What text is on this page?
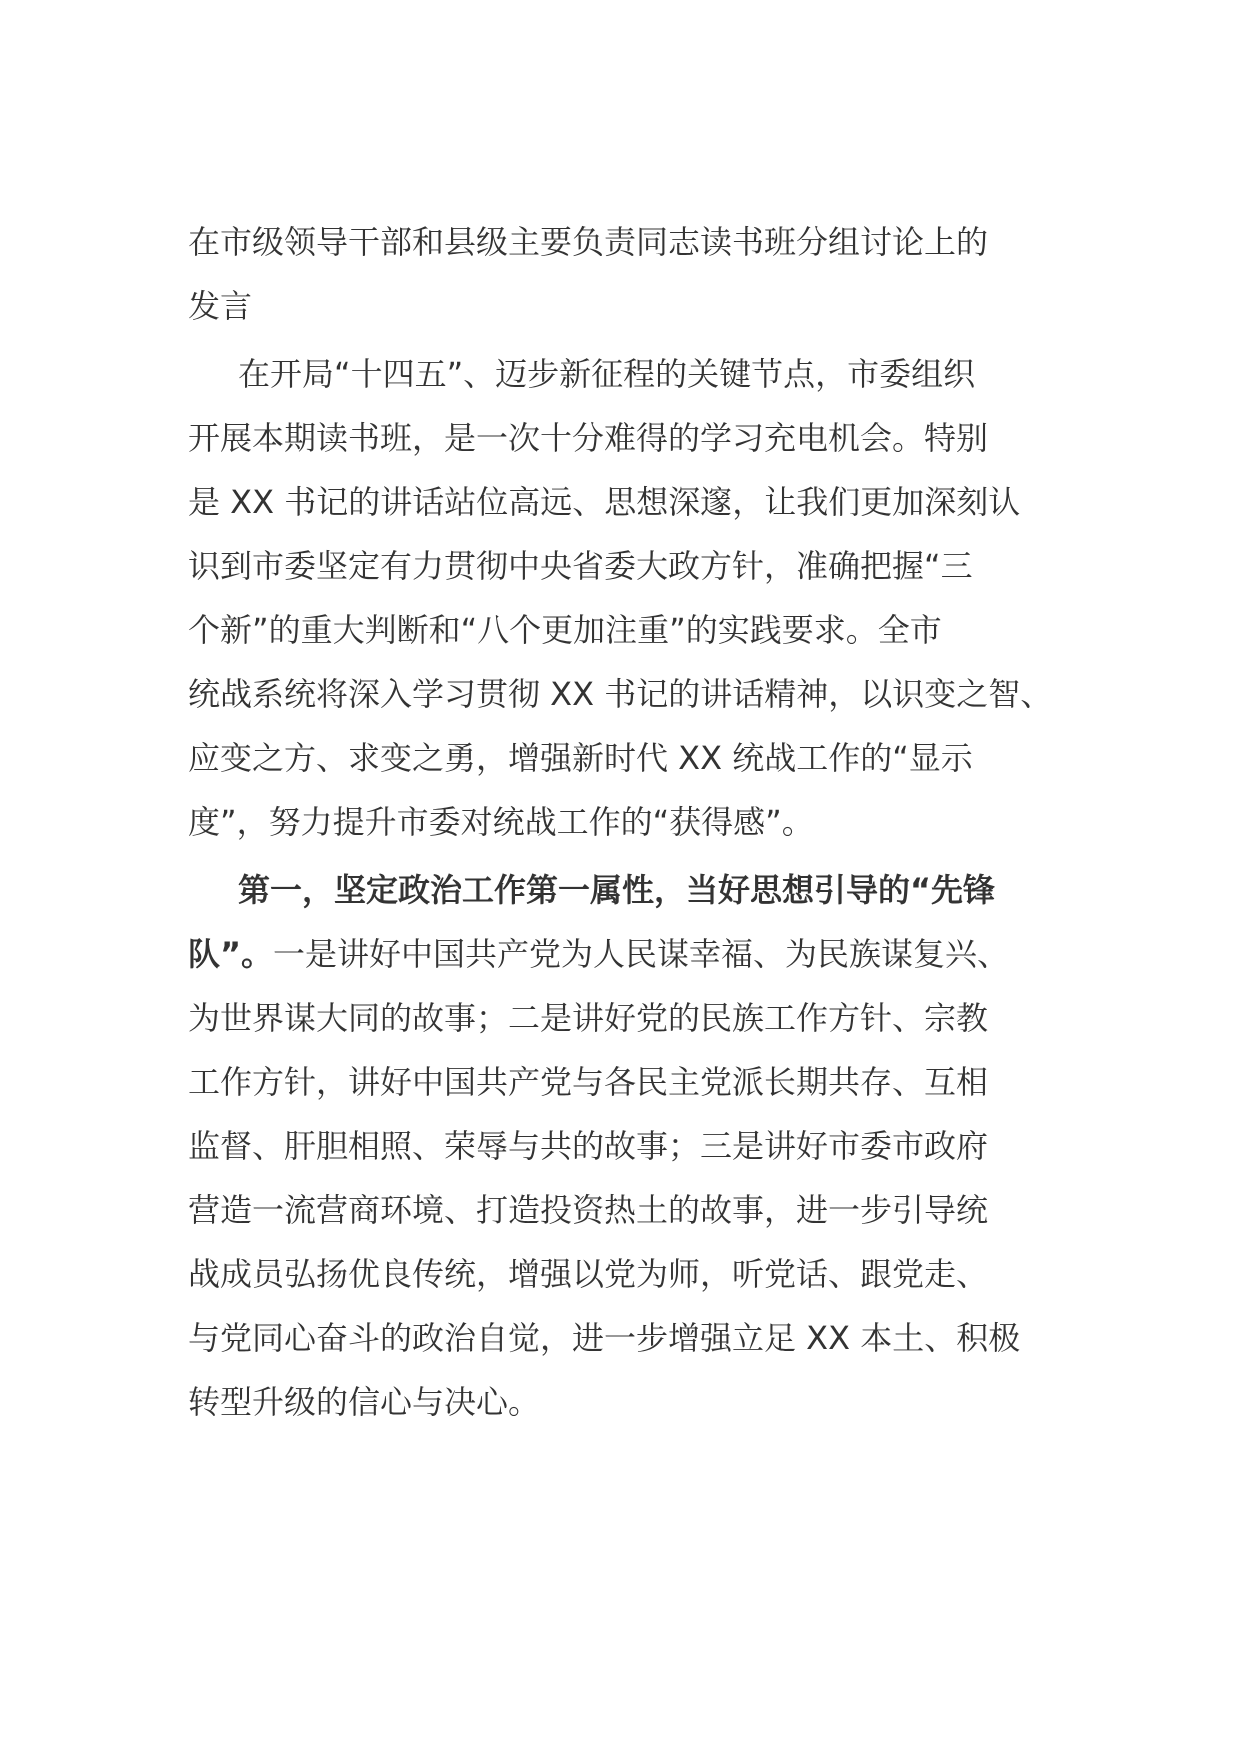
在市级领导干部和县级主要负责同志读书班分组讨论上的
发言

在开局“十四五”、迈步新征程的关键节点，市委组织
开展本期读书班，是一次十分难得的学习充电机会。特别
是 XX 书记的讲话站位高远、思想深邃，让我们更加深刻认
识到市委坚定有力贯彻中央省委大政方针，准确把握“三
个新”的重大判断和“八个更加注重”的实践要求。全市
统战系统将深入学习贯彻 XX 书记的讲话精神，以识变之智、
应变之方、求变之勇，增强新时代 XX 统战工作的“显示
度”，努力提升市委对统战工作的“获得感”。

第一，坚定政治工作第一属性，当好思想引导的“先锋
队”。一是讲好中国共产党为人民谋幸福、为民族谋复兴、
为世界谋大同的故事；二是讲好党的民族工作方针、宗教
工作方针，讲好中国共产党与各民主党派长期共存、互相
监督、肝胆相照、荣辱与共的故事；三是讲好市委市政府
营造一流营商环境、打造投资热土的故事，进一步引导统
战成员弘扬优良传统，增强以党为师，听党话、跟党走、
与党同心奋斗的政治自觉，进一步增强立足 XX 本土、积极
转型升级的信心与决心。
